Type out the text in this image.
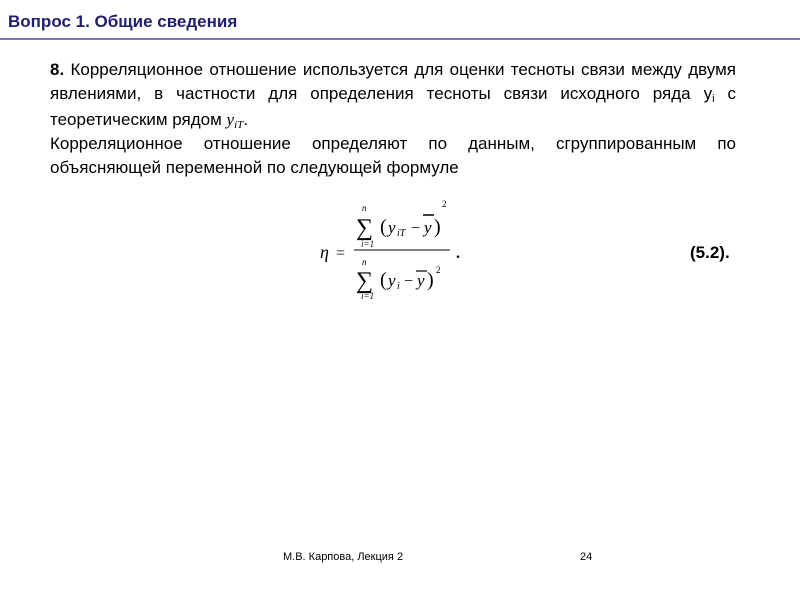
Вопрос 1. Общие сведения
8. Корреляционное отношение используется для оценки тесноты связи между двумя явлениями, в частности для определения тесноты связи исходного ряда yi с теоретическим рядом yiT.
Корреляционное отношение определяют по данным, сгруппированным по объясняющей переменной по следующей формуле
η =
n
∑
i=1
( y iT − y )
2
n
∑
i=1
( y i − y ) 2
.	(5.2).
М.В. Карпова, Лекция 2	24
